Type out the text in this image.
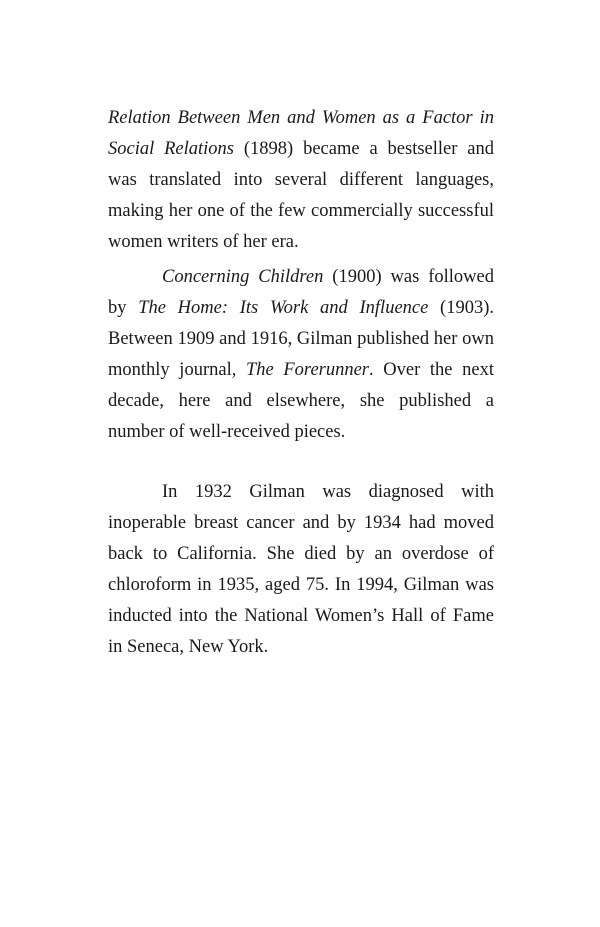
Relation Between Men and Women as a Factor in Social Relations (1898) became a bestseller and was translated into several different languages, making her one of the few commercially successful women writers of her era.

Concerning Children (1900) was followed by The Home: Its Work and Influence (1903). Between 1909 and 1916, Gilman published her own monthly journal, The Forerunner. Over the next decade, here and elsewhere, she published a number of well-received pieces.

In 1932 Gilman was diagnosed with inoperable breast cancer and by 1934 had moved back to California. She died by an overdose of chloroform in 1935, aged 75. In 1994, Gilman was inducted into the National Women’s Hall of Fame in Seneca, New York.
